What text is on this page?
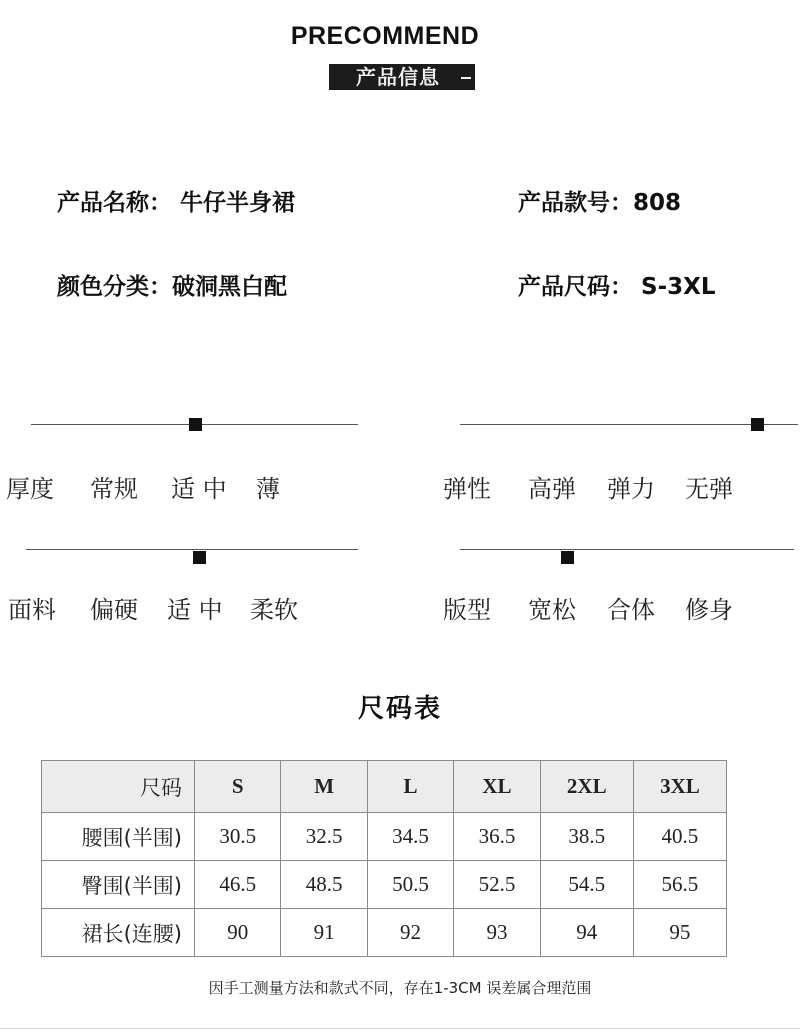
PRECOMMEND
产品信息
产品名称： 牛仔半身裙	产品款号：808
颜色分类：破洞黑白配	产品尺码： S-3XL
厚度 常规 适 中 薄	弹性 高弹 弹力 无弹
面料 偏硬 适 中 柔软	版型 宽松 合体 修身
尺码表
尺码	S	M	L	XL	2XL	3XL
腰围(半围)	30.5	32.5	34.5	36.5	38.5	40.5
臀围(半围)	46.5	48.5	50.5	52.5	54.5	56.5
裙长(连腰)	90	91	92	93	94	95
因手工测量方法和款式不同，存在1-3CM 误差属合理范围
